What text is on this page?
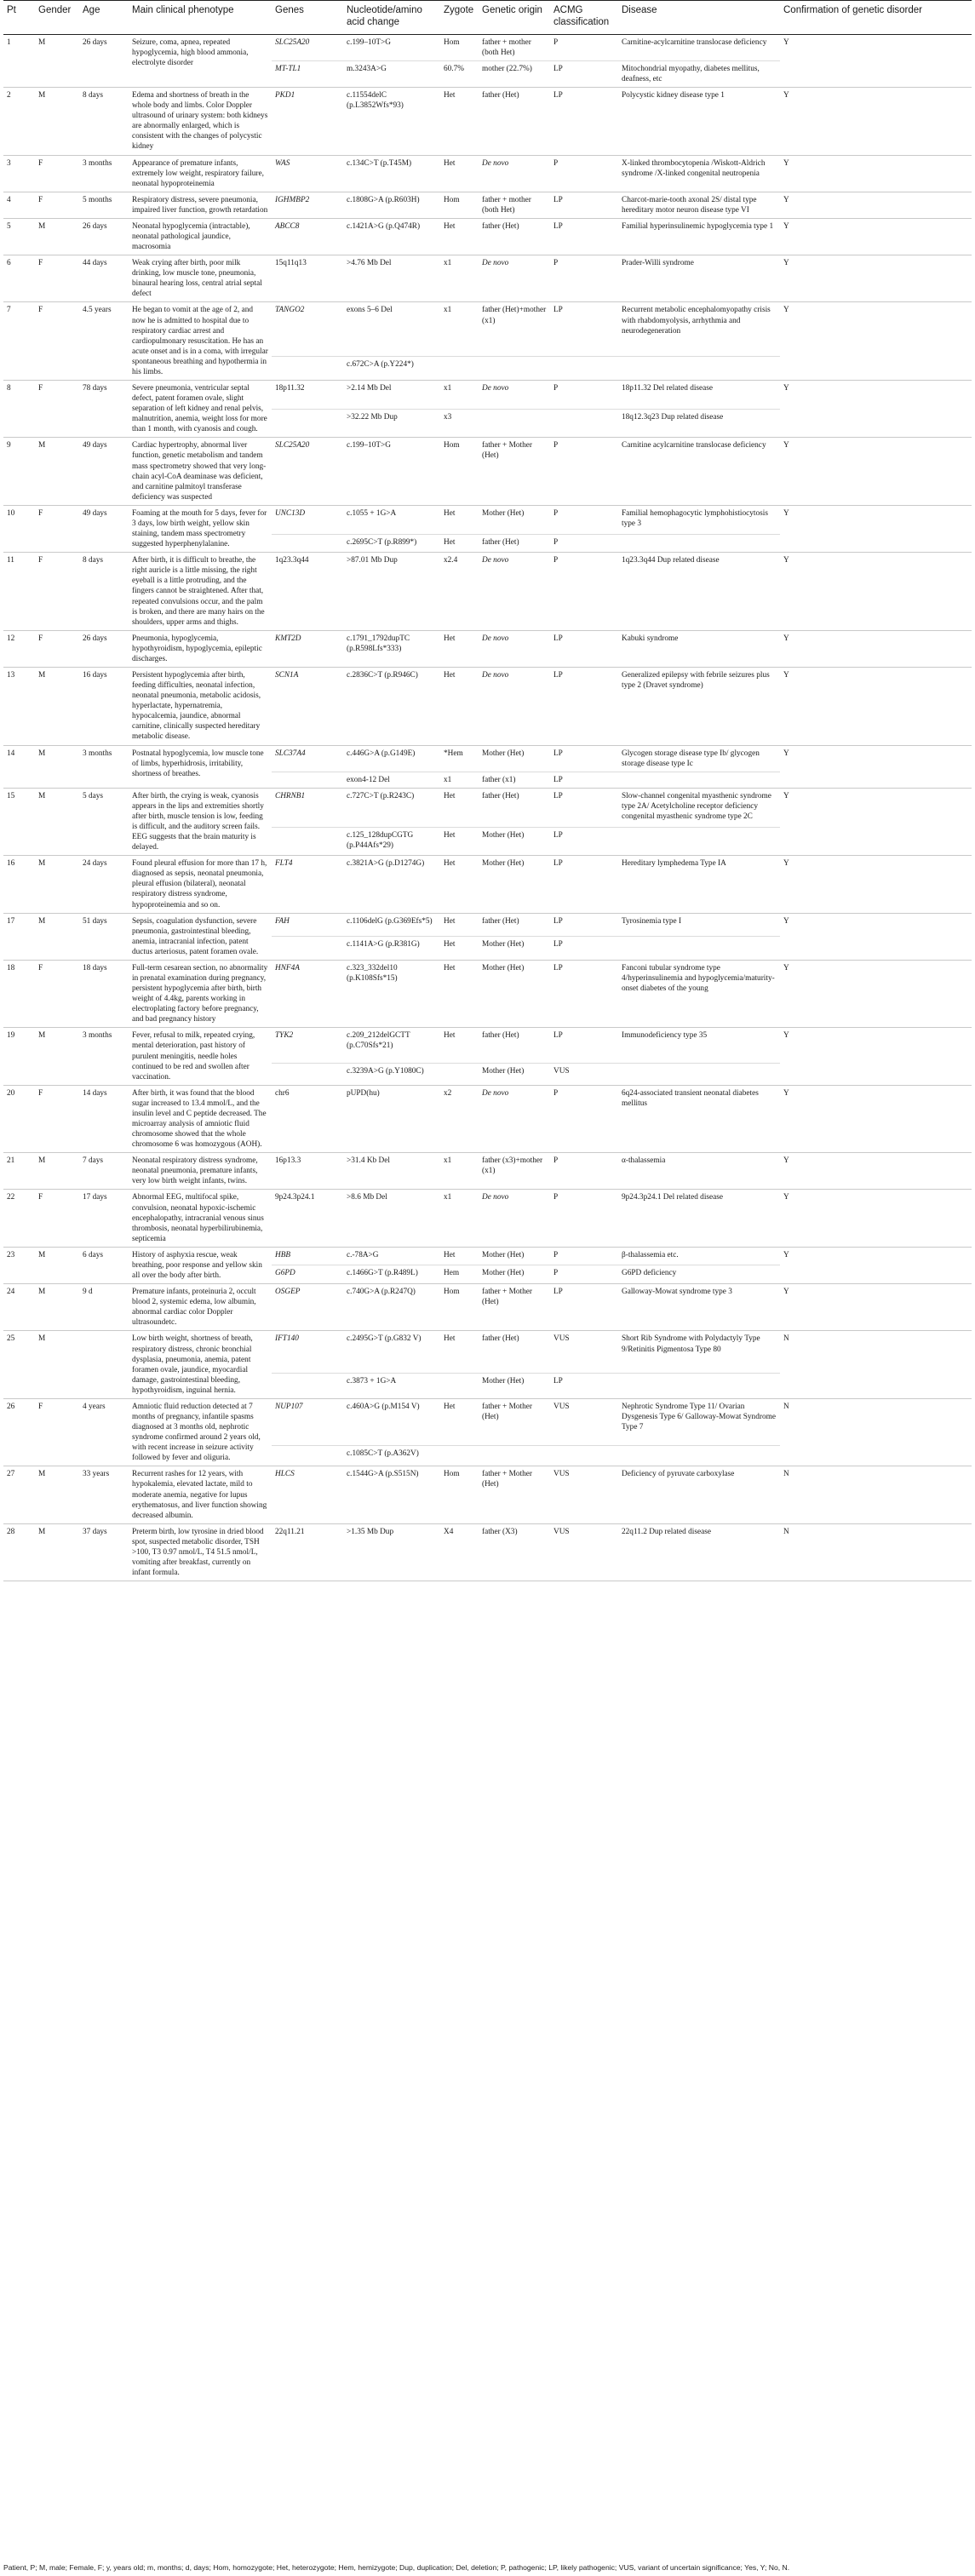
Pt	Gender	Age	Main clinical phenotype	Genes	Nucleotide/amino acid change	Zygote	Genetic origin	ACMG classification	Disease	Confirmation of genetic disorder
1	M	26 days	Seizure, coma, apnea, repeated hypoglycemia, high blood ammonia, electrolyte disorder	SLC25A20	c.199–10T>G	Hom	father + mother (both Het)	P	Carnitine-acylcarnitine translocase deficiency	Y
				MT-TL1	m.3243A>G	60.7%	mother (22.7%)	LP	Mitochondrial myopathy, diabetes mellitus, deafness, etc	
2	M	8 days	Edema and shortness of breath in the whole body and limbs. Color Doppler ultrasound of urinary system: both kidneys are abnormally enlarged, which is consistent with the changes of polycystic kidney	PKD1	c.11554delC (p.L3852Wfs*93)	Het	father (Het)	LP	Polycystic kidney disease type 1	Y
3	F	3 months	Appearance of premature infants, extremely low weight, respiratory failure, neonatal hypoproteinemia	WAS	c.134C>T (p.T45M)	Het	De novo	P	X-linked thrombocytopenia /Wiskott-Aldrich syndrome /X-linked congenital neutropenia	Y
4	F	5 months	Respiratory distress, severe pneumonia, impaired liver function, growth retardation	IGHMBP2	c.1808G>A (p.R603H)	Hom	father + mother (both Het)	LP	Charcot-marie-tooth axonal 2S/ distal type hereditary motor neuron disease type VI	Y
5	M	26 days	Neonatal hypoglycemia (intractable), neonatal pathological jaundice, macrosomia	ABCC8	c.1421A>G (p.Q474R)	Het	father (Het)	LP	Familial hyperinsulinemic hypoglycemia type 1	Y
6	F	44 days	Weak crying after birth, poor milk drinking, low muscle tone, pneumonia, binaural hearing loss, central atrial septal defect	15q11q13	>4.76 Mb Del	x1	De novo	P	Prader-Willi syndrome	Y
7	F	4.5 years	He began to vomit at the age of 2, and now he is admitted to hospital due to respiratory cardiac arrest and cardiopulmonary resuscitation. He has an acute onset and is in a coma, with irregular spontaneous breathing and hypothermia in his limbs.	TANGO2	exons 5–6 Del	x1	father (Het)+mother (x1)	LP	Recurrent metabolic encephalomyopathy crisis with rhabdomyolysis, arrhythmia and neurodegeneration	Y
					c.672C>A (p.Y224*)					
8	F	78 days	Severe pneumonia, ventricular septal defect, patent foramen ovale, slight separation of left kidney and renal pelvis, malnutrition, anemia, weight loss for more than 1 month, with cyanosis and cough.	18p11.32	>2.14 Mb Del	x1	De novo	P	18p11.32 Del related disease	Y
					>32.22 Mb Dup	x3			18q12.3q23 Dup related disease	
9	M	49 days	Cardiac hypertrophy, abnormal liver function, genetic metabolism and tandem mass spectrometry showed that very long-chain acyl-CoA deaminase was deficient, and carnitine palmitoyl transferase deficiency was suspected	SLC25A20	c.199–10T>G	Hom	father + Mother (Het)	P	Carnitine acylcarnitine translocase deficiency	Y
10	F	49 days	Foaming at the mouth for 5 days, fever for 3 days, low birth weight, yellow skin staining, tandem mass spectrometry suggested hyperphenylalanine.	UNC13D	c.1055 + 1G>A	Het	Mother (Het)	P	Familial hemophagocytic lymphohistiocytosis type 3	Y
					c.2695C>T (p.R899*)	Het	father (Het)	P		
11	F	8 days	After birth, it is difficult to breathe, the right auricle is a little missing, the right eyeball is a little protruding, and the fingers cannot be straightened. After that, repeated convulsions occur, and the palm is broken, and there are many hairs on the shoulders, upper arms and thighs.	1q23.3q44	>87.01 Mb Dup	x2.4	De novo	P	1q23.3q44 Dup related disease	Y
12	F	26 days	Pneumonia, hypoglycemia, hypothyroidism, hypoglycemia, epileptic discharges.	KMT2D	c.1791_1792dupTC (p.R598Lfs*333)	Het	De novo	LP	Kabuki syndrome	Y
13	M	16 days	Persistent hypoglycemia after birth, feeding difficulties, neonatal infection, neonatal pneumonia, metabolic acidosis, hyperlactate, hypernatremia, hypocalcemia, jaundice, abnormal carnitine, clinically suspected hereditary metabolic disease.	SCN1A	c.2836C>T (p.R946C)	Het	De novo	LP	Generalized epilepsy with febrile seizures plus type 2 (Dravet syndrome)	Y
14	M	3 months	Postnatal hypoglycemia, low muscle tone of limbs, hyperhidrosis, irritability, shortness of breathes.	SLC37A4	c.446G>A (p.G149E)	*Hem	Mother (Het)	LP	Glycogen storage disease type Ib/ glycogen storage disease type Ic	Y
					exon4-12 Del	x1	father (x1)	LP		
15	M	5 days	After birth, the crying is weak, cyanosis appears in the lips and extremities shortly after birth, muscle tension is low, feeding is difficult, and the auditory screen fails. EEG suggests that the brain maturity is delayed.	CHRNB1	c.727C>T (p.R243C)	Het	father (Het)	LP	Slow-channel congenital myasthenic syndrome type 2A/ Acetylcholine receptor deficiency congenital myasthenic syndrome type 2C	Y
					c.125_128dupCGTG (p.P44Afs*29)	Het	Mother (Het)	LP		
16	M	24 days	Found pleural effusion for more than 17 h, diagnosed as sepsis, neonatal pneumonia, pleural effusion (bilateral), neonatal respiratory distress syndrome, hypoproteinemia and so on.	FLT4	c.3821A>G (p.D1274G)	Het	Mother (Het)	LP	Hereditary lymphedema Type IA	Y
17	M	51 days	Sepsis, coagulation dysfunction, severe pneumonia, gastrointestinal bleeding, anemia, intracranial infection, patent ductus arteriosus, patent foramen ovale.	FAH	c.1106delG (p.G369Efs*5)	Het	father (Het)	LP	Tyrosinemia type I	Y
					c.1141A>G (p.R381G)	Het	Mother (Het)	LP		
18	F	18 days	Full-term cesarean section, no abnormality in prenatal examination during pregnancy, persistent hypoglycemia after birth, birth weight of 4.4kg, parents working in electroplating factory before pregnancy, and bad pregnancy history	HNF4A	c.323_332del10 (p.K108Sfs*15)	Het	Mother (Het)	LP	Fanconi tubular syndrome type 4/hyperinsulinemia and hypoglycemia/maturity-onset diabetes of the young	Y
19	M	3 months	Fever, refusal to milk, repeated crying, mental deterioration, past history of purulent meningitis, needle holes continued to be red and swollen after vaccination.	TYK2	c.209_212delGCTT (p.C70Sfs*21)	Het	father (Het)	LP	Immunodeficiency type 35	Y
					c.3239A>G (p.Y1080C)		Mother (Het)	VUS		
20	F	14 days	After birth, it was found that the blood sugar increased to 13.4 mmol/L, and the insulin level and C peptide decreased. The microarray analysis of amniotic fluid chromosome showed that the whole chromosome 6 was homozygous (AOH).	chr6	pUPD(hu)	x2	De novo	P	6q24-associated transient neonatal diabetes mellitus	Y
21	M	7 days	Neonatal respiratory distress syndrome, neonatal pneumonia, premature infants, very low birth weight infants, twins.	16p13.3	>31.4 Kb Del	x1	father (x3)+mother (x1)	P	α-thalassemia	Y
22	F	17 days	Abnormal EEG, multifocal spike, convulsion, neonatal hypoxic-ischemic encephalopathy, intracranial venous sinus thrombosis, neonatal hyperbilirubinemia, septicemia	9p24.3p24.1	>8.6 Mb Del	x1	De novo	P	9p24.3p24.1 Del related disease	Y
23	M	6 days	History of asphyxia rescue, weak breathing, poor response and yellow skin all over the body after birth.	HBB	c.-78A>G	Het	Mother (Het)	P	β-thalassemia etc.	Y
				G6PD	c.1466G>T (p.R489L)	Hem	Mother (Het)	P	G6PD deficiency	
24	M	9 d	Premature infants, proteinuria 2, occult blood 2, systemic edema, low albumin, abnormal cardiac color Doppler ultrasoundetc.	OSGEP	c.740G>A (p.R247Q)	Hom	father + Mother (Het)	LP	Galloway-Mowat syndrome type 3	Y
25	M		Low birth weight, shortness of breath, respiratory distress, chronic bronchial dysplasia, pneumonia, anemia, patent foramen ovale, jaundice, myocardial damage, gastrointestinal bleeding, hypothyroidism, inguinal hernia.	IFT140	c.2495G>T (p.G832 V)	Het	father (Het)	VUS	Short Rib Syndrome with Polydactyly Type 9/Retinitis Pigmentosa Type 80	N
					c.3873 + 1G>A		Mother (Het)	LP		
26	F	4 years	Amniotic fluid reduction detected at 7 months of pregnancy, infantile spasms diagnosed at 3 months old, nephrotic syndrome confirmed around 2 years old, with recent increase in seizure activity followed by fever and oliguria.	NUP107	c.460A>G (p.M154 V)	Het	father + Mother (Het)	VUS	Nephrotic Syndrome Type 11/ Ovarian Dysgenesis Type 6/ Galloway-Mowat Syndrome Type 7	N
					c.1085C>T (p.A362V)					
27	M	33 years	Recurrent rashes for 12 years, with hypokalemia, elevated lactate, mild to moderate anemia, negative for lupus erythematosus, and liver function showing decreased albumin.	HLCS	c.1544G>A (p.S515N)	Hom	father + Mother (Het)	VUS	Deficiency of pyruvate carboxylase	N
28	M	37 days	Preterm birth, low tyrosine in dried blood spot, suspected metabolic disorder, TSH >100, T3 0.97 nmol/L, T4 51.5 nmol/L, vomiting after breakfast, currently on infant formula.	22q11.21	>1.35 Mb Dup	X4	father (X3)	VUS	22q11.2 Dup related disease	N
Patient, P; M, male; Female, F; y, years old; m, months; d, days; Hom, homozygote; Het, heterozygote; Hem, hemizygote; Dup, duplication; Del, deletion; P, pathogenic; LP, likely pathogenic; VUS, variant of uncertain significance; Yes, Y; No, N.
